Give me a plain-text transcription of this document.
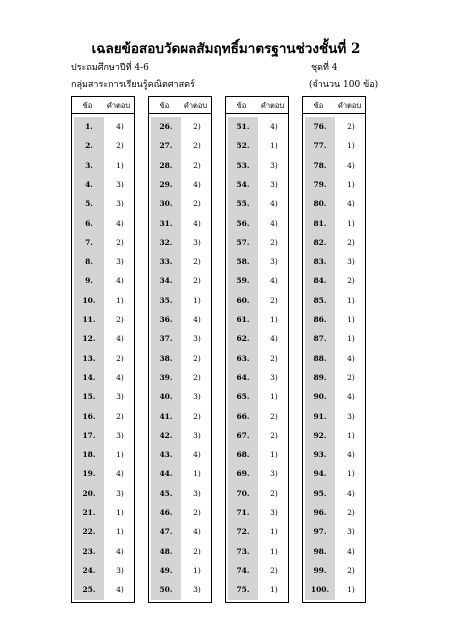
เฉลยข้อสอบวัดผลสัมฤทธิ์มาตรฐานช่วงชั้นที่ 2
ประถมศึกษาปีที่ 4-6	ชุดที่ 4
กลุ่มสาระการเรียนรู้คณิตศาสตร์	(จำนวน 100 ข้อ)
ข้อ	คำตอบ
1.	4)
2.	2)
3.	1)
4.	3)
5.	3)
6.	4)
7.	2)
8.	3)
9.	4)
10.	1)
11.	2)
12.	4)
13.	2)
14.	4)
15.	3)
16.	2)
17.	3)
18.	1)
19.	4)
20.	3)
21.	1)
22.	1)
23.	4)
24.	3)
25.	4)
ข้อ	คำตอบ
26.	2)
27.	2)
28.	2)
29.	4)
30.	2)
31.	4)
32.	3)
33.	2)
34.	2)
35.	1)
36.	4)
37.	3)
38.	2)
39.	2)
40.	3)
41.	2)
42.	3)
43.	4)
44.	1)
45.	3)
46.	2)
47.	4)
48.	2)
49.	1)
50.	3)
ข้อ	คำตอบ
51.	4)
52.	1)
53.	3)
54.	3)
55.	4)
56.	4)
57.	2)
58.	3)
59.	4)
60.	2)
61.	1)
62.	4)
63.	2)
64.	3)
65.	1)
66.	2)
67.	2)
68.	1)
69.	3)
70.	2)
71.	3)
72.	1)
73.	1)
74.	2)
75.	1)
ข้อ	คำตอบ
76.	2)
77.	1)
78.	4)
79.	1)
80.	4)
81.	1)
82.	2)
83.	3)
84.	2)
85.	1)
86.	1)
87.	1)
88.	4)
89.	2)
90.	4)
91.	3)
92.	1)
93.	4)
94.	1)
95.	4)
96.	2)
97.	3)
98.	4)
99.	2)
100.	1)
